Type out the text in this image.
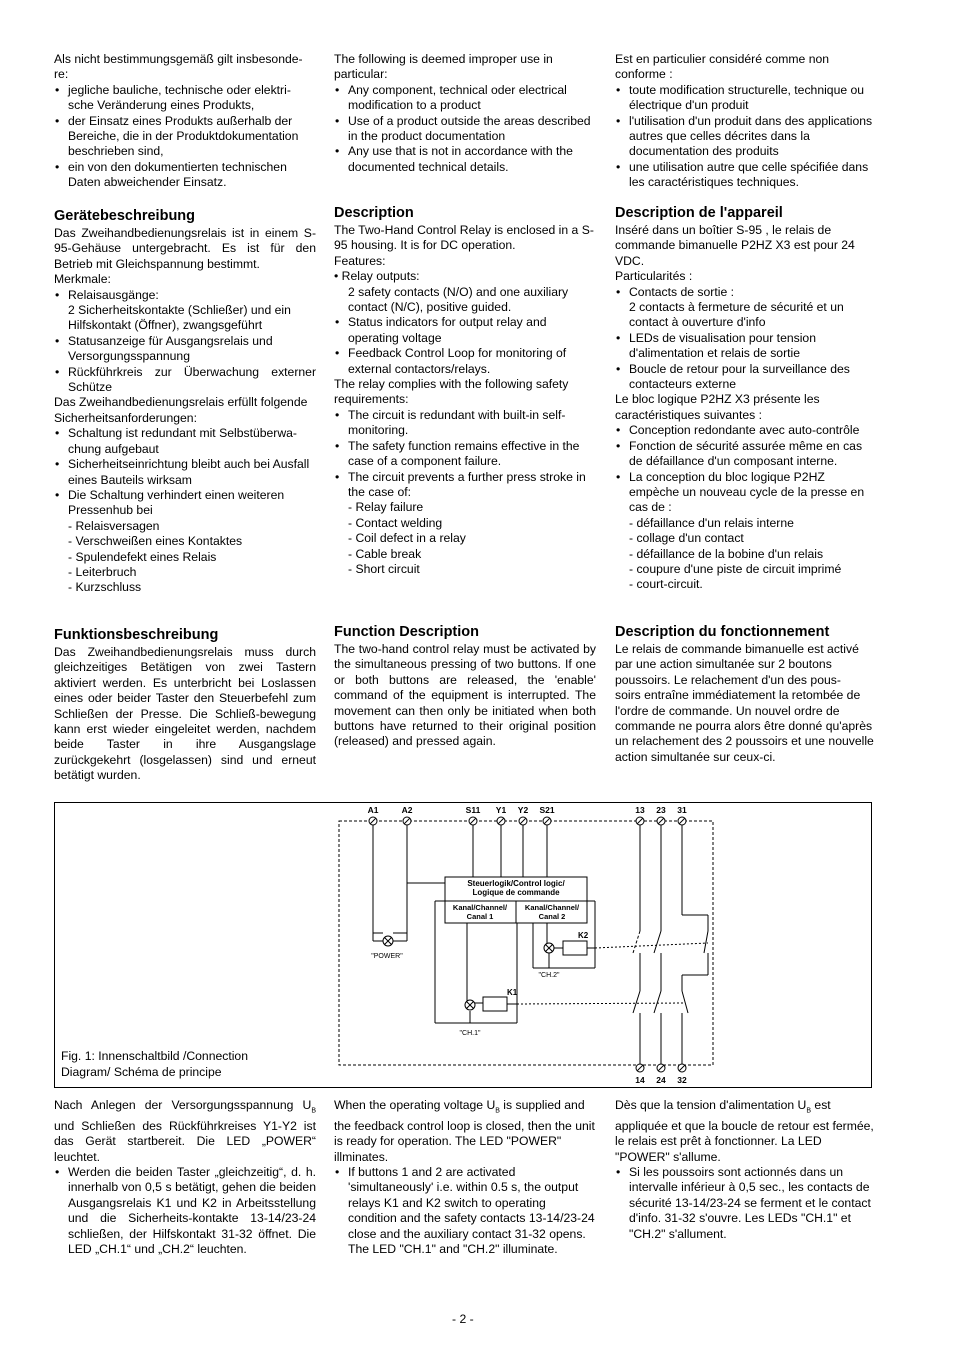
Als nicht bestimmungsgemäß gilt insbesonde-re:

• jegliche bauliche, technische oder elektri-sche Veränderung eines Produkts,
• der Einsatz eines Produkts außerhalb der Bereiche, die in der Produktdokumentation beschrieben sind,
• ein von den dokumentierten technischen Daten abweichender Einsatz.
Gerätebeschreibung

Das Zweihandbedienungsrelais ist in einem S-95-Gehäuse untergebracht. Es ist für den Betrieb mit Gleichspannung bestimmt.

Merkmale:

• Relaisausgänge:
2 Sicherheitskontakte (Schließer) und ein Hilfskontakt (Öffner), zwangsgeführt
• Statusanzeige für Ausgangsrelais und Versorgungsspannung
• Rückführkreis zur Überwachung externer Schütze

Das Zweihandbedienungsrelais erfüllt folgende Sicherheitsanforderungen:

• Schaltung ist redundant mit Selbstüberwa-chung aufgebaut
• Sicherheitseinrichtung bleibt auch bei Ausfall eines Bauteils wirksam
• Die Schaltung verhindert einen weiteren Pressenhub bei
- Relaisversagen
- Verschweißen eines Kontaktes
- Spulendefekt eines Relais
- Leiterbruch
- Kurzschluss
Funktionsbeschreibung

Das Zweihandbedienungsrelais muss durch gleichzeitiges Betätigen von zwei Tastern aktiviert werden. Es unterbricht bei Loslassen eines oder beider Taster den Steuerbefehl zum Schließen der Presse. Die Schließ-bewegung kann erst wieder eingeleitet werden, nachdem beide Taster in ihre Ausgangslage zurückgekehrt (losgelassen) sind und erneut betätigt wurden.

Nach Anlegen der Versorgungsspannung $U_B$ und Schließen des Rückführkreises Y1-Y2 ist das Gerät startbereit. Die LED „POWER“ leuchtet.

• Werden die beiden Taster „gleichzeitig“, d. h. innerhalb von 0,5 s betätigt, gehen die beiden Ausgangsrelais K1 und K2 in Arbeitsstellung und die Sicherheits-kontakte 13-14/23-24 schließen, der Hilfskontakt 31-32 öffnet. Die LED „CH.1“ und „CH.2“ leuchten.

The following is deemed improper use in particular:

• Any component, technical oder electrical modification to a product
• Use of a product outside the areas described in the product documentation
• Any use that is not in accordance with the documented technical details.
Description

The Two-Hand Control Relay is enclosed in a S-95 housing. It is for DC operation.

Features:

• Relay outputs:

2 safety contacts (N/O) and one auxiliary contact (N/C), positive guided.
• Status indicators for output relay and operating voltage
• Feedback Control Loop for monitoring of external contactors/relays.

The relay complies with the following safety requirements:

• The circuit is redundant with built-in self-monitoring.
• The safety function remains effective in the case of a component failure.
• The circuit prevents a further press stroke in the case of:
- Relay failure
- Contact welding
- Coil defect in a relay
- Cable break
- Short circuit
Function Description

The two-hand control relay must be activated by the simultaneous pressing of two buttons. If one or both buttons are released, the 'enable' command of the equipment is interrupted. The movement can then only be initiated when both buttons have returned to their original position (released) and pressed again.

When the operating voltage $U_B$ is supplied and the feedback control loop is closed, then the unit is ready for operation. The LED "POWER" illminates.

• If buttons 1 and 2 are activated 'simultaneously' i.e. within 0.5 s, the output relays K1 and K2 switch to operating condition and the safety contacts 13-14/23-24 close and the auxiliary contact 31-32 opens. The LED "CH.1" and "CH.2" illuminate.

Est en particulier considéré comme non conforme :

• toute modification structurelle, technique ou électrique d'un produit
• l'utilisation d'un produit dans des applications autres que celles décrites dans la documentation des produits
• une utilisation autre que celle spécifiée dans les caractéristiques techniques.
Description de l'appareil

Inséré dans un boîtier S-95 , le relais de commande bimanuelle P2HZ X3 est pour 24 VDC.

Particularités :

• Contacts de sortie :
2 contacts à fermeture de sécurité et un contact à ouverture d'info
• LEDs de visualisation pour tension d'alimentation et relais de sortie
• Boucle de retour pour la surveillance des contacteurs externe

Le bloc logique P2HZ X3 présente les caractéristiques suivantes :

• Conception redondante avec auto-contrôle
• Fonction de sécurité assurée même en cas de défaillance d'un composant interne.
• La conception du bloc logique P2HZ empèche un nouveau cycle de la presse en cas de :
- défaillance d'un relais interne
- collage d'un contact
- défaillance de la bobine d'un relais
- coupure d'une piste de circuit imprimé
- court-circuit.
Description du fonctionnement

Le relais de commande bimanuelle est activé par une action simultanée sur 2 boutons poussoirs. Le relachement d'un des pous-

soirs entraîne immédiatement la retombée de l'ordre de commande. Un nouvel ordre de commande ne pourra alors être donné qu'après un relachement des 2 poussoirs et une nouvelle action simultanée sur ceux-ci.

Dès que la tension d'alimentation $U_B$ est appliquée et que la boucle de retour est fermée, le relais est prêt à fonctionner. La LED "POWER" s'allume.

• Si les poussoirs sont actionnés dans un intervalle inférieur à 0,5 sec., les contacts de sécurité 13-14/23-24 se ferment et le contact d'info. 31-32 s'ouvre. Les LEDs "CH.1" et "CH.2" s'allument.
A1	A2	S11 Y1 Y2 S21	13 23 31
14 24 32
"POWER"
Steuerlogik/Control logic/
Logique de commande
Kanal/Channel/
Canal 1
Kanal/Channel/
Canal 2
K1
"CH.1"
K2
"CH.2"
Fig. 1: Innenschaltbild /Connection
Diagram/ Schéma de principe
- 2 -
